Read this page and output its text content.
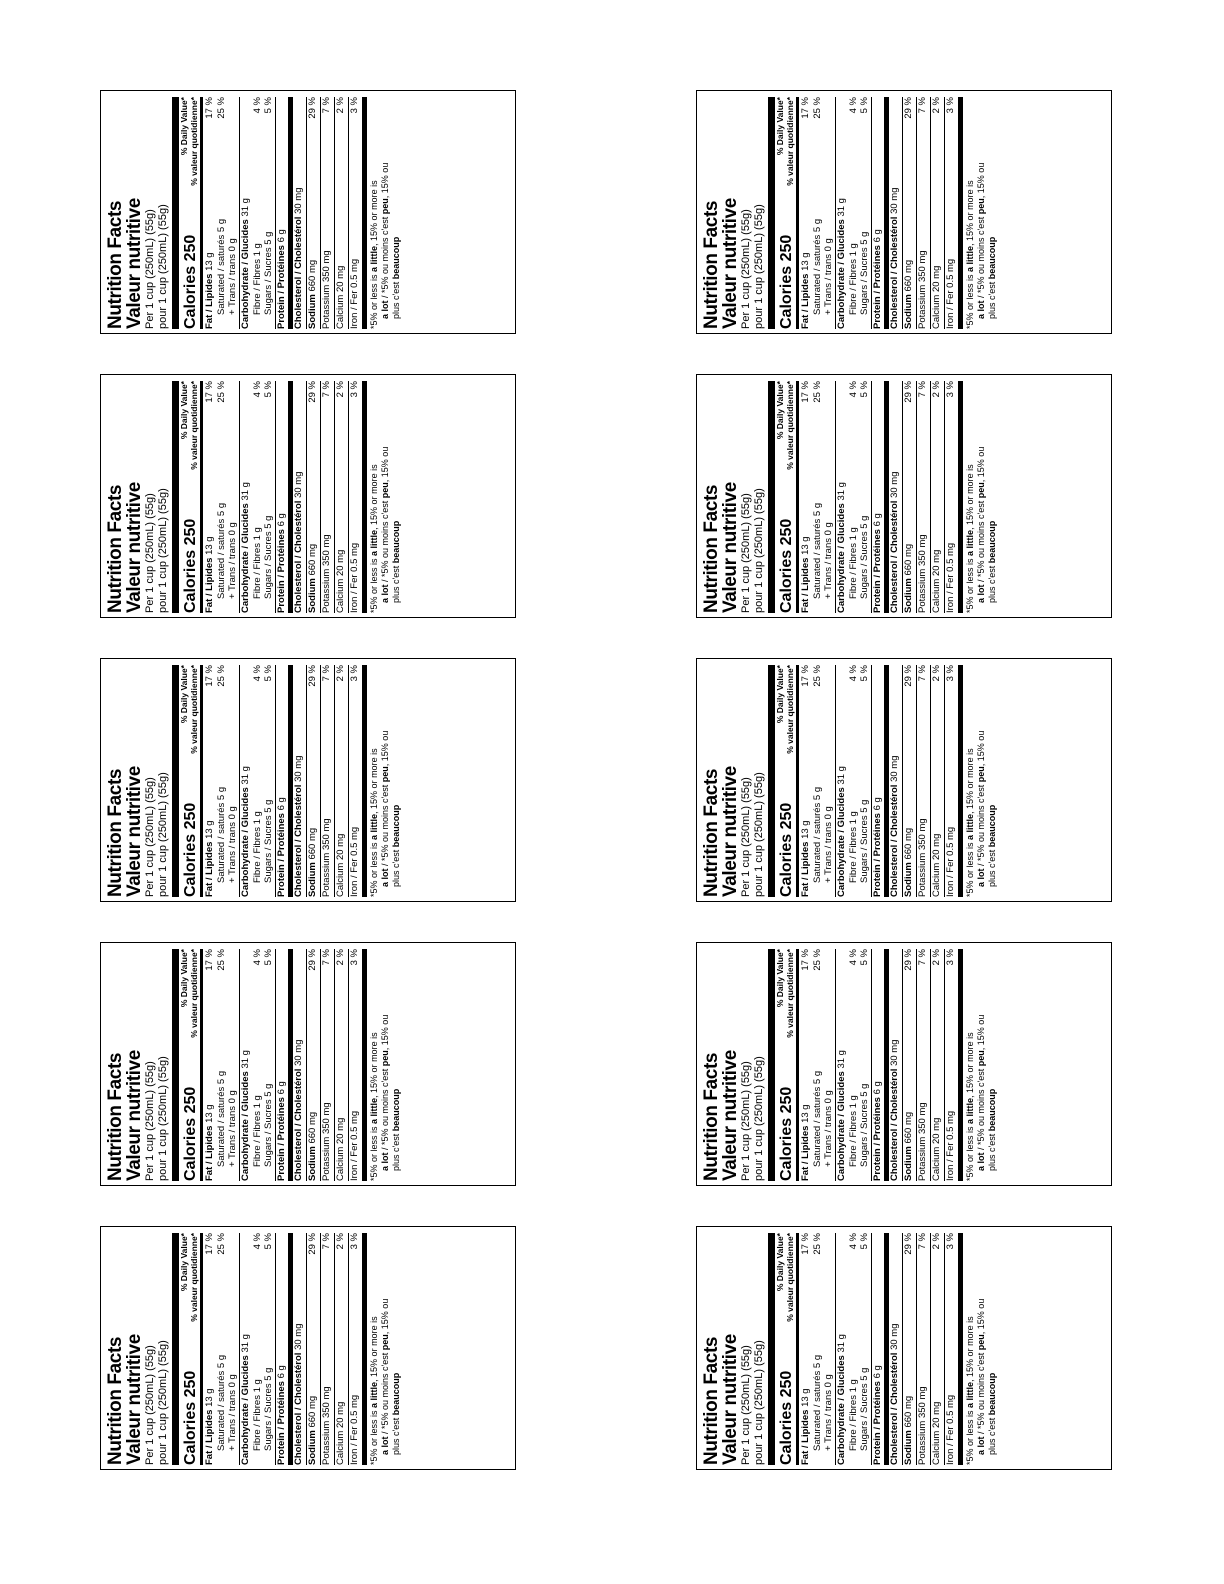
Nutrition Facts
Valeur nutritive Per 1 cup (250mL) (55g) pour 1 cup (250mL) (55g) Calories 250
% Daily Value* % valeur quotidienne*
Fat / Lipides 13 g
17 %
Saturated / saturés 5 g
25 %
+ Trans / trans 0 g Carbohydrate / Glucides 31 g
Fibre / Fibres 1 g
4 %
Sugars / Sucres 5 g
5 %
Protein / Protéines 6 g Cholesterol / Cholestérol 30 mg
Sodium 660 mg
29 %
Potassium 350 mg
7 %
Calcium 20 mg
2 %
Iron / Fer 0.5 mg
3 %
*5% or less is a little, 15% or more is
a lot / *5% ou moins c'est peu, 15% ou
plus c'est beaucoup
Nutrition Facts
Valeur nutritive Per 1 cup (250mL) (55g) pour 1 cup (250mL) (55g) Calories 250
% Daily Value* % valeur quotidienne*
Fat / Lipides 13 g
17 %
Saturated / saturés 5 g
25 %
+ Trans / trans 0 g Carbohydrate / Glucides 31 g
Fibre / Fibres 1 g
4 %
Sugars / Sucres 5 g
5 %
Protein / Protéines 6 g Cholesterol / Cholestérol 30 mg
Sodium 660 mg
29 %
Potassium 350 mg
7 %
Calcium 20 mg
2 %
Iron / Fer 0.5 mg
3 %
*5% or less is a little, 15% or more is
a lot / *5% ou moins c'est peu, 15% ou
plus c'est beaucoup
Nutrition Facts
Valeur nutritive Per 1 cup (250mL) (55g) pour 1 cup (250mL) (55g) Calories 250
% Daily Value* % valeur quotidienne*
Fat / Lipides 13 g
17 %
Saturated / saturés 5 g
25 %
+ Trans / trans 0 g Carbohydrate / Glucides 31 g
Fibre / Fibres 1 g
4 %
Sugars / Sucres 5 g
5 %
Protein / Protéines 6 g Cholesterol / Cholestérol 30 mg
Sodium 660 mg
29 %
Potassium 350 mg
7 %
Calcium 20 mg
2 %
Iron / Fer 0.5 mg
3 %
*5% or less is a little, 15% or more is
a lot / *5% ou moins c'est peu, 15% ou
plus c'est beaucoup
Nutrition Facts
Valeur nutritive Per 1 cup (250mL) (55g) pour 1 cup (250mL) (55g) Calories 250
% Daily Value* % valeur quotidienne*
Fat / Lipides 13 g
17 %
Saturated / saturés 5 g
25 %
+ Trans / trans 0 g Carbohydrate / Glucides 31 g
Fibre / Fibres 1 g
4 %
Sugars / Sucres 5 g
5 %
Protein / Protéines 6 g Cholesterol / Cholestérol 30 mg
Sodium 660 mg
29 %
Potassium 350 mg
7 %
Calcium 20 mg
2 %
Iron / Fer 0.5 mg
3 %
*5% or less is a little, 15% or more is
a lot / *5% ou moins c'est peu, 15% ou
plus c'est beaucoup
Nutrition Facts
Valeur nutritive Per 1 cup (250mL) (55g) pour 1 cup (250mL) (55g) Calories 250
% Daily Value* % valeur quotidienne*
Fat / Lipides 13 g
17 %
Saturated / saturés 5 g
25 %
+ Trans / trans 0 g Carbohydrate / Glucides 31 g
Fibre / Fibres 1 g
4 %
Sugars / Sucres 5 g
5 %
Protein / Protéines 6 g Cholesterol / Cholestérol 30 mg
Sodium 660 mg
29 %
Potassium 350 mg
7 %
Calcium 20 mg
2 %
Iron / Fer 0.5 mg
3 %
*5% or less is a little, 15% or more is
a lot / *5% ou moins c'est peu, 15% ou
plus c'est beaucoup
Nutrition Facts
Valeur nutritive Per 1 cup (250mL) (55g) pour 1 cup (250mL) (55g) Calories 250
% Daily Value* % valeur quotidienne*
Fat / Lipides 13 g
17 %
Saturated / saturés 5 g
25 %
+ Trans / trans 0 g Carbohydrate / Glucides 31 g
Fibre / Fibres 1 g
4 %
Sugars / Sucres 5 g
5 %
Protein / Protéines 6 g Cholesterol / Cholestérol 30 mg
Sodium 660 mg
29 %
Potassium 350 mg
7 %
Calcium 20 mg
2 %
Iron / Fer 0.5 mg
3 %
*5% or less is a little, 15% or more is
a lot / *5% ou moins c'est peu, 15% ou
plus c'est beaucoup
Nutrition Facts
Valeur nutritive Per 1 cup (250mL) (55g) pour 1 cup (250mL) (55g) Calories 250
% Daily Value* % valeur quotidienne*
Fat / Lipides 13 g
17 %
Saturated / saturés 5 g
25 %
+ Trans / trans 0 g Carbohydrate / Glucides 31 g
Fibre / Fibres 1 g
4 %
Sugars / Sucres 5 g
5 %
Protein / Protéines 6 g Cholesterol / Cholestérol 30 mg
Sodium 660 mg
29 %
Potassium 350 mg
7 %
Calcium 20 mg
2 %
Iron / Fer 0.5 mg
3 %
*5% or less is a little, 15% or more is
a lot / *5% ou moins c'est peu, 15% ou
plus c'est beaucoup
Nutrition Facts
Valeur nutritive Per 1 cup (250mL) (55g) pour 1 cup (250mL) (55g) Calories 250
% Daily Value* % valeur quotidienne*
Fat / Lipides 13 g
17 %
Saturated / saturés 5 g
25 %
+ Trans / trans 0 g Carbohydrate / Glucides 31 g
Fibre / Fibres 1 g
4 %
Sugars / Sucres 5 g
5 %
Protein / Protéines 6 g Cholesterol / Cholestérol 30 mg
Sodium 660 mg
29 %
Potassium 350 mg
7 %
Calcium 20 mg
2 %
Iron / Fer 0.5 mg
3 %
*5% or less is a little, 15% or more is
a lot / *5% ou moins c'est peu, 15% ou
plus c'est beaucoup
Nutrition Facts
Valeur nutritive Per 1 cup (250mL) (55g) pour 1 cup (250mL) (55g) Calories 250
% Daily Value* % valeur quotidienne*
Fat / Lipides 13 g
17 %
Saturated / saturés 5 g
25 %
+ Trans / trans 0 g Carbohydrate / Glucides 31 g
Fibre / Fibres 1 g
4 %
Sugars / Sucres 5 g
5 %
Protein / Protéines 6 g Cholesterol / Cholestérol 30 mg
Sodium 660 mg
29 %
Potassium 350 mg
7 %
Calcium 20 mg
2 %
Iron / Fer 0.5 mg
3 %
*5% or less is a little, 15% or more is
a lot / *5% ou moins c'est peu, 15% ou
plus c'est beaucoup
Nutrition Facts
Valeur nutritive Per 1 cup (250mL) (55g) pour 1 cup (250mL) (55g) Calories 250
% Daily Value* % valeur quotidienne*
Fat / Lipides 13 g
17 %
Saturated / saturés 5 g
25 %
+ Trans / trans 0 g Carbohydrate / Glucides 31 g
Fibre / Fibres 1 g
4 %
Sugars / Sucres 5 g
5 %
Protein / Protéines 6 g Cholesterol / Cholestérol 30 mg
Sodium 660 mg
29 %
Potassium 350 mg
7 %
Calcium 20 mg
2 %
Iron / Fer 0.5 mg
3 %
*5% or less is a little, 15% or more is
a lot / *5% ou moins c'est peu, 15% ou
plus c'est beaucoup
